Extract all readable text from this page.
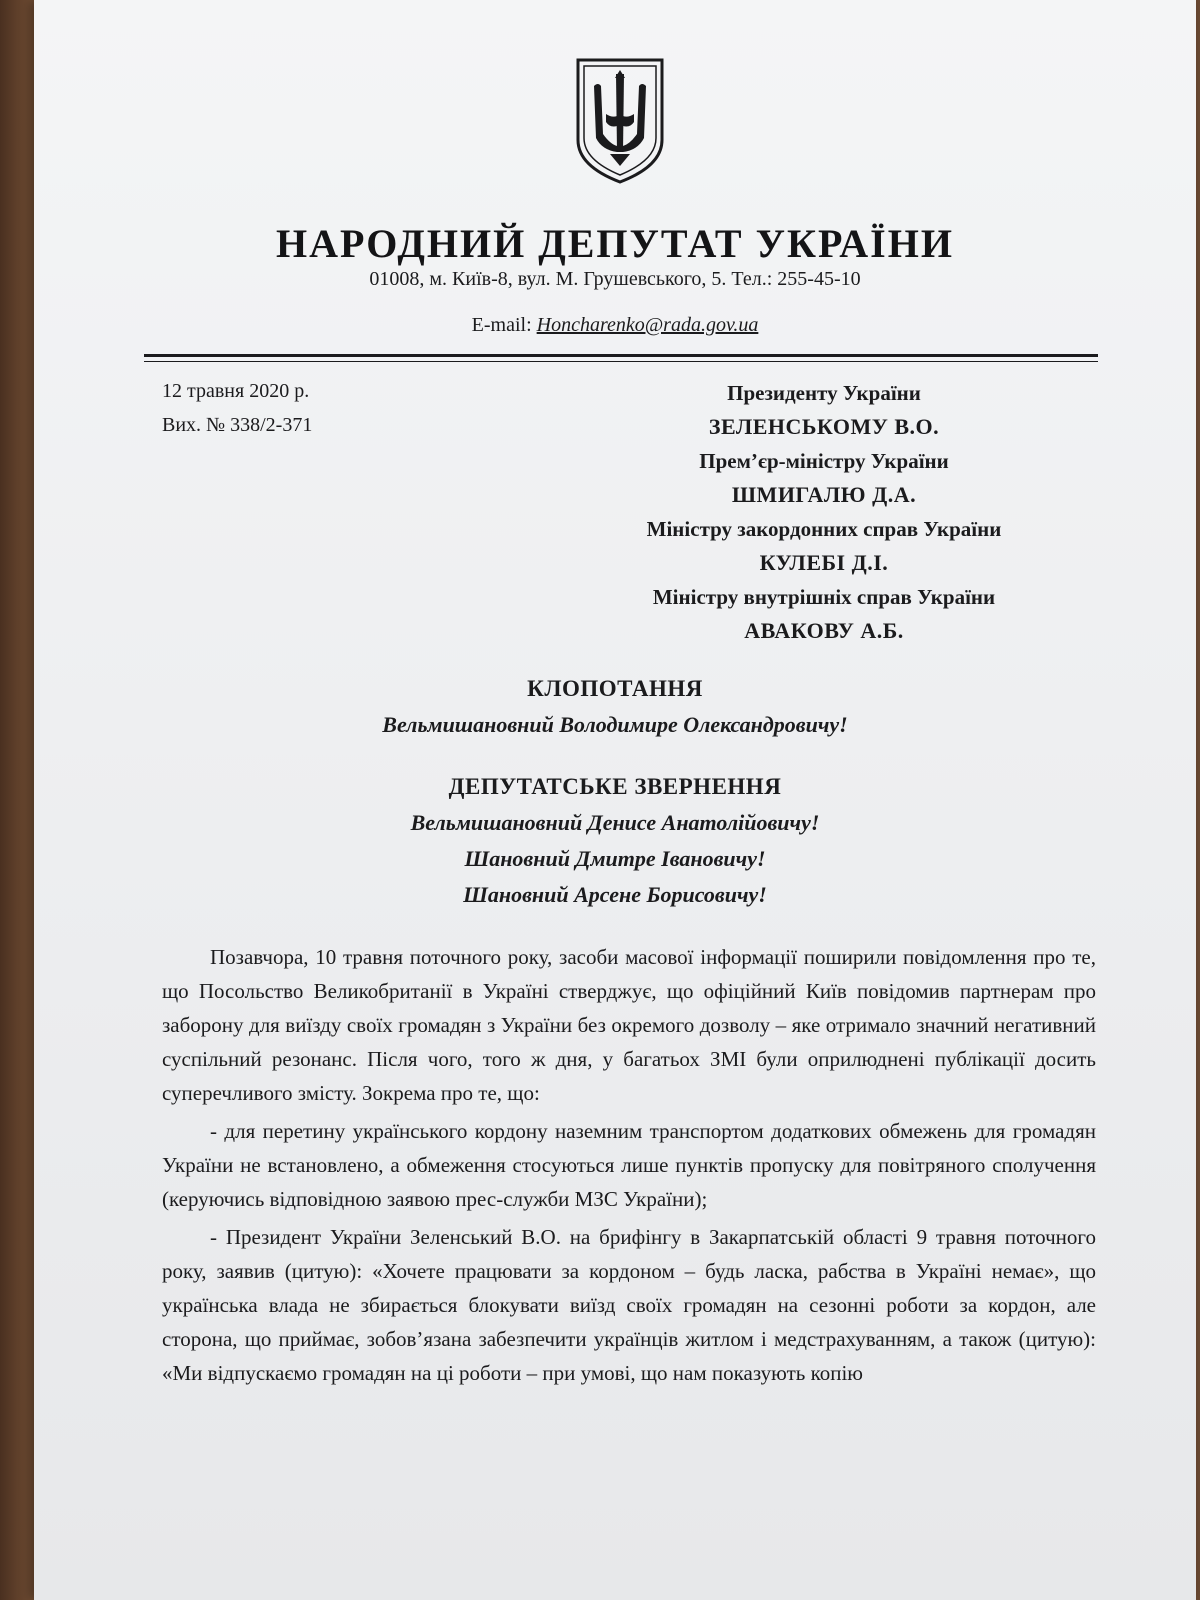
НАРОДНИЙ ДЕПУТАТ УКРАЇНИ
01008, м. Київ-8, вул. М. Грушевського, 5. Тел.: 255-45-10
E-mail: Honcharenko@rada.gov.ua
12 травня 2020 р.
Вих. № 338/2-371
Президенту України
ЗЕЛЕНСЬКОМУ В.О.
Прем’єр-міністру України
ШМИГАЛЮ Д.А.
Міністру закордонних справ України
КУЛЕБІ Д.І.
Міністру внутрішніх справ України
АВАКОВУ А.Б.
КЛОПОТАННЯ
Вельмишановний Володимире Олександровичу!
ДЕПУТАТСЬКЕ ЗВЕРНЕННЯ
Вельмишановний Денисе Анатолійовичу!
Шановний Дмитре Івановичу!
Шановний Арсене Борисовичу!

Позавчора, 10 травня поточного року, засоби масової інформації поширили повідомлення про те, що Посольство Великобританії в Україні стверджує, що офіційний Київ повідомив партнерам про заборону для виїзду своїх громадян з України без окремого дозволу – яке отримало значний негативний суспільний резонанс. Після чого, того ж дня, у багатьох ЗМІ були оприлюднені публікації досить суперечливого змісту. Зокрема про те, що:

- для перетину українського кордону наземним транспортом додаткових обмежень для громадян України не встановлено, а обмеження стосуються лише пунктів пропуску для повітряного сполучення (керуючись відповідною заявою прес-служби МЗС України);

- Президент України Зеленський В.О. на брифінгу в Закарпатській області 9 травня поточного року, заявив (цитую): «Хочете працювати за кордоном – будь ласка, рабства в Україні немає», що українська влада не збирається блокувати виїзд своїх громадян на сезонні роботи за кордон, але сторона, що приймає, зобов’язана забезпечити українців житлом і медстрахуванням, а також (цитую): «Ми відпускаємо громадян на ці роботи – при умові, що нам показують копію
